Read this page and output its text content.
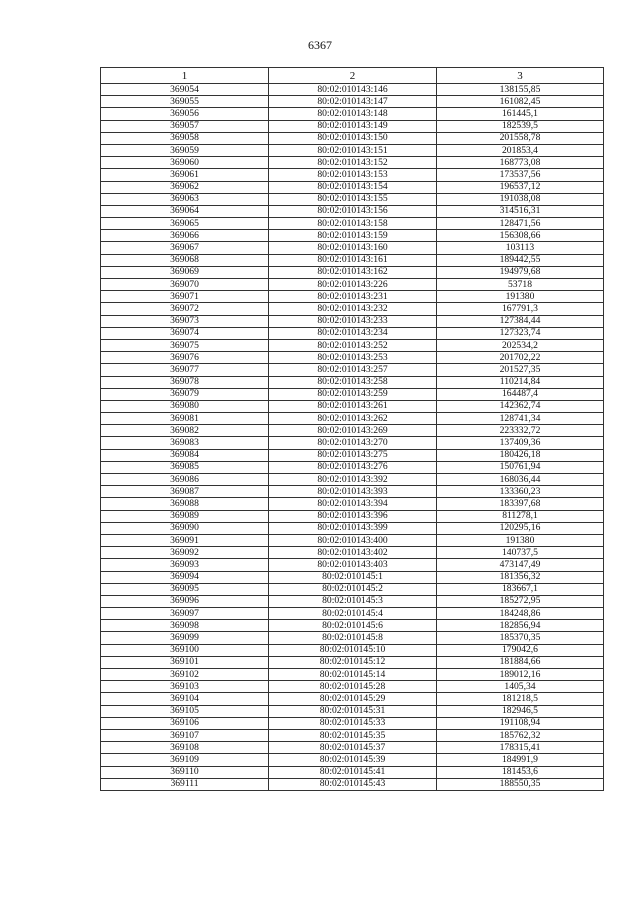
6367
1	2	3
369054	80:02:010143:146	138155,85
369055	80:02:010143:147	161082,45
369056	80:02:010143:148	161445,1
369057	80:02:010143:149	182539,5
369058	80:02:010143:150	201558,78
369059	80:02:010143:151	201853,4
369060	80:02:010143:152	168773,08
369061	80:02:010143:153	173537,56
369062	80:02:010143:154	196537,12
369063	80:02:010143:155	191038,08
369064	80:02:010143:156	314516,31
369065	80:02:010143:158	128471,56
369066	80:02:010143:159	156308,66
369067	80:02:010143:160	103113
369068	80:02:010143:161	189442,55
369069	80:02:010143:162	194979,68
369070	80:02:010143:226	53718
369071	80:02:010143:231	191380
369072	80:02:010143:232	167791,3
369073	80:02:010143:233	127384,44
369074	80:02:010143:234	127323,74
369075	80:02:010143:252	202534,2
369076	80:02:010143:253	201702,22
369077	80:02:010143:257	201527,35
369078	80:02:010143:258	110214,84
369079	80:02:010143:259	164487,4
369080	80:02:010143:261	142362,74
369081	80:02:010143:262	128741,34
369082	80:02:010143:269	223332,72
369083	80:02:010143:270	137409,36
369084	80:02:010143:275	180426,18
369085	80:02:010143:276	150761,94
369086	80:02:010143:392	168036,44
369087	80:02:010143:393	133360,23
369088	80:02:010143:394	183397,68
369089	80:02:010143:396	811278,1
369090	80:02:010143:399	120295,16
369091	80:02:010143:400	191380
369092	80:02:010143:402	140737,5
369093	80:02:010143:403	473147,49
369094	80:02:010145:1	181356,32
369095	80:02:010145:2	183667,1
369096	80:02:010145:3	185272,95
369097	80:02:010145:4	184248,86
369098	80:02:010145:6	182856,94
369099	80:02:010145:8	185370,35
369100	80:02:010145:10	179042,6
369101	80:02:010145:12	181884,66
369102	80:02:010145:14	189012,16
369103	80:02:010145:28	1405,34
369104	80:02:010145:29	181218,5
369105	80:02:010145:31	182946,5
369106	80:02:010145:33	191108,94
369107	80:02:010145:35	185762,32
369108	80:02:010145:37	178315,41
369109	80:02:010145:39	184991,9
369110	80:02:010145:41	181453,6
369111	80:02:010145:43	188550,35
